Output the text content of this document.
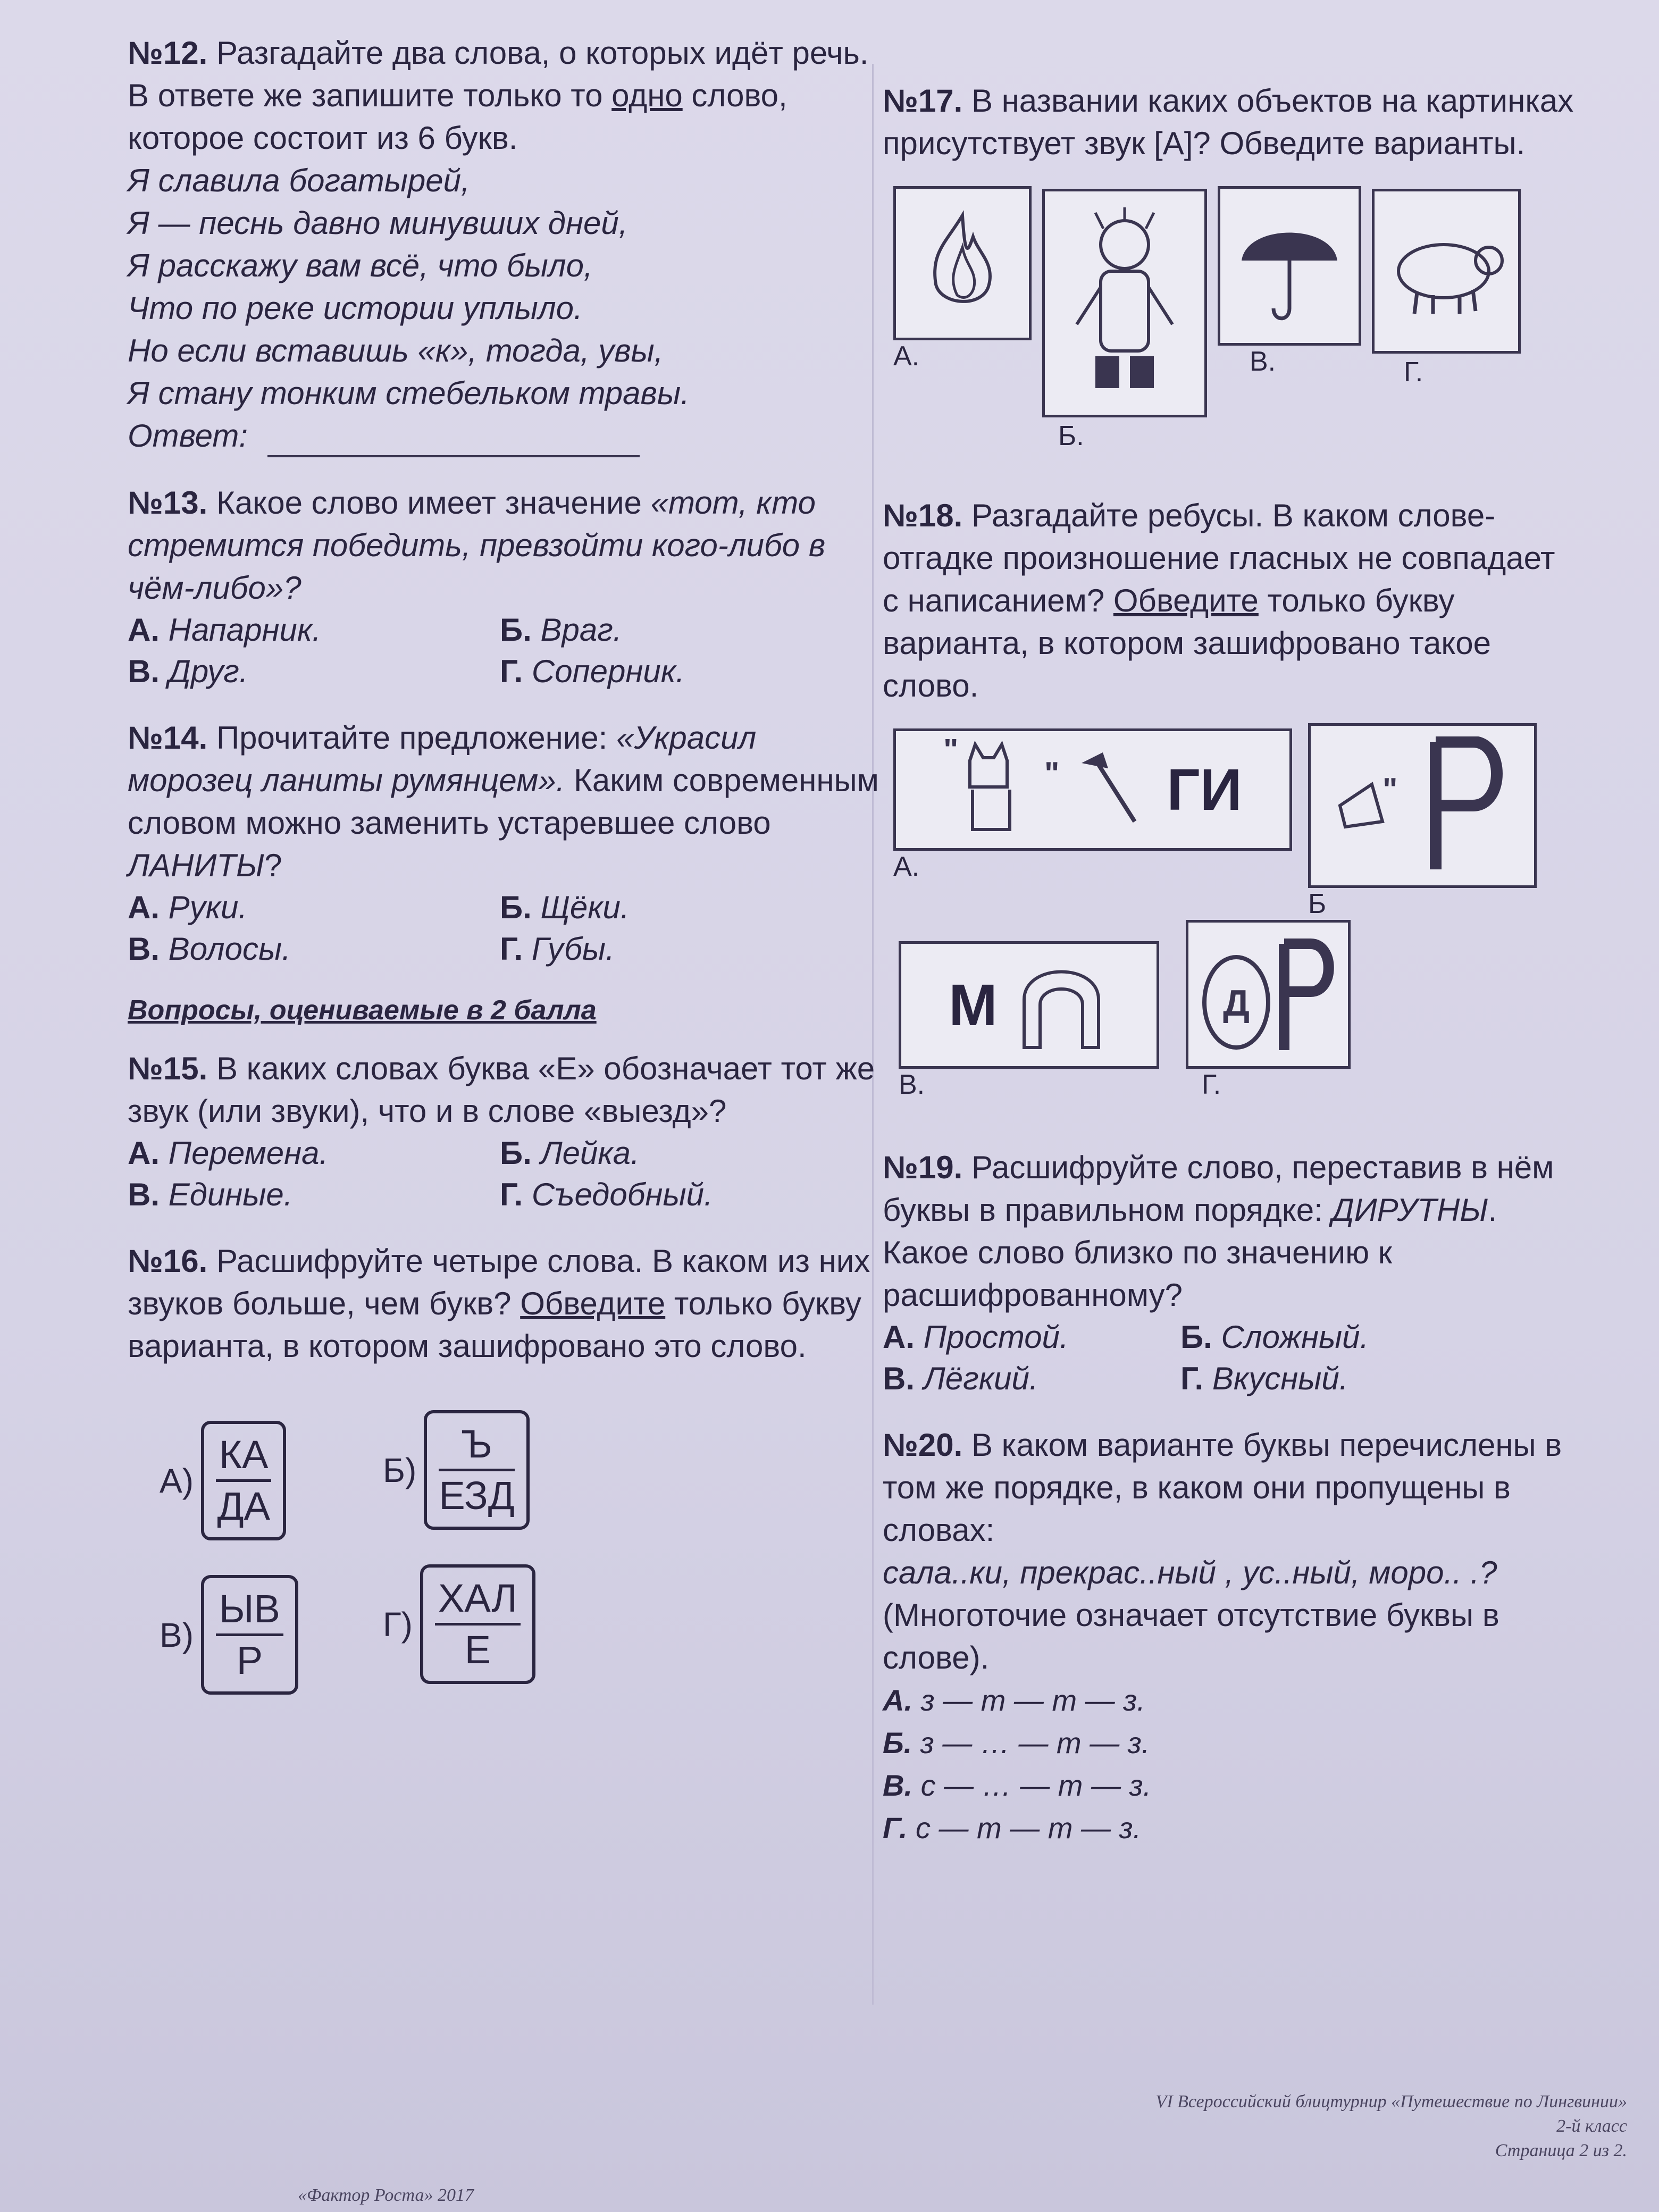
№12. Разгадайте два слова, о которых идёт речь. В ответе же запишите только то одно слово, которое состоит из 6 букв.
Я славила богатырей,
Я — песнь давно минувших дней,
Я расскажу вам всё, что было,
Что по реке истории уплыло.
Но если вставишь «к», тогда, увы,
Я стану тонким стебельком травы.
Ответ:
№13. Какое слово имеет значение «тот, кто стремится победить, превзойти кого-либо в чём-либо»?
А. Напарник.	Б. Враг.
В. Друг.	Г. Соперник.
№14. Прочитайте предложение: «Украсил морозец ланиты румянцем». Каким современным словом можно заменить устаревшее слово ЛАНИТЫ?
А. Руки.	Б. Щёки.
В. Волосы.	Г. Губы.
Вопросы, оцениваемые в 2 балла
№15. В каких словах буква «Е» обозначает тот же звук (или звуки), что и в слове «выезд»?
А. Перемена.	Б. Лейка.
В. Единые.	Г. Съедобный.
№16. Расшифруйте четыре слова. В каком из них звуков больше, чем букв? Обведите только букву варианта, в котором зашифровано это слово.
А)
КА
ДА
Б)
Ъ
ЕЗД
В)
ЫВ
Р
Г)
ХАЛ
Е
№17. В названии каких объектов на картинках присутствует звук [А]? Обведите варианты.
А.
Б.
В.	Г.
№18. Разгадайте ребусы. В каком слове-отгадке произношение гласных не совпадает с написанием? Обведите только букву варианта, в котором зашифровано такое слово.
"
" ГИ
А.
"
Б
М
В.
Д
Г.
№19. Расшифруйте слово, переставив в нём буквы в правильном порядке: ДИРУТНЫ. Какое слово близко по значению к расшифрованному?
А. Простой.	Б. Сложный.
В. Лёгкий.	Г. Вкусный.
№20. В каком варианте буквы перечислены в том же порядке, в каком они пропущены в словах:
сала..ки, прекрас..ный , ус..ный, моро.. .?
(Многоточие означает отсутствие буквы в слове).
А. з — т — т — з.
Б. з — … — т — з.
В. с — … — т — з.
Г. с — т — т — з.
VI Всероссийский блицтурнир «Путешествие по Лингвинии»
2-й класс
Страница 2 из 2.
«Фактор Роста» 2017
